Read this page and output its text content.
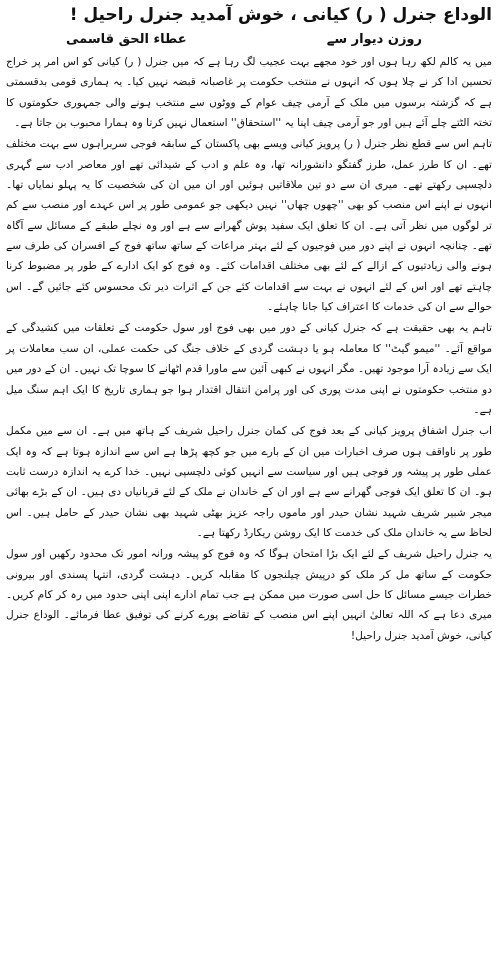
الوداع جنرل ( ر) کیانی ، خوش آمدید جنرل راحیل !
روزن دیوار سے
عطاء الحق قاسمی

میں یہ کالم لکھ رہا ہوں اور خود مجھے بہت عجیب لگ رہا ہے کہ میں جنرل ( ر) کیانی کو اس امر پر خراج تحسین ادا کر نے چلا ہوں کہ انہوں نے منتخب حکومت پر غاصبانہ قبضہ نہیں کیا۔ یہ ہماری قومی بدقسمتی ہے کہ گزشتہ برسوں میں ملک کے آرمی چیف عوام کے ووٹوں سے منتخب ہونے والی جمہوری حکومتوں کا تختہ الٹتے چلے آئے ہیں اور جو آرمی چیف اپنا یہ ''استحقاق'' استعمال نہیں کرتا وہ ہمارا محبوب بن جاتا ہے۔

تاہم اس سے قطع نظر جنرل ( ر) پرویز کیانی ویسے بھی پاکستان کے سابقہ فوجی سربراہوں سے بہت مختلف تھے۔ ان کا طرز عمل، طرز گفتگو دانشورانہ تھا، وہ علم و ادب کے شیدائی تھے اور معاصر ادب سے گہری دلچسپی رکھتے تھے۔ میری ان سے دو تین ملاقاتیں ہوئیں اور ان میں ان کی شخصیت کا یہ پہلو نمایاں تھا۔ انہوں نے اپنے اس منصب کو بھی ''چھوں چھاں'' نہیں دیکھی جو عمومی طور پر اس عہدے اور منصب سے کم تر لوگوں میں نظر آتی ہے۔ ان کا تعلق ایک سفید پوش گھرانے سے ہے اور وہ نچلے طبقے کے مسائل سے آگاہ تھے۔ چنانچہ انہوں نے اپنے دور میں فوجیوں کے لئے بہتر مراعات کے ساتھ ساتھ فوج کے افسران کی طرف سے ہونے والی زیادتیوں کے ازالے کے لئے بھی مختلف اقدامات کئے۔ وہ فوج کو ایک ادارے کے طور پر مضبوط کرنا چاہتے تھے اور اس کے لئے انہوں نے بہت سے اقدامات کئے جن کے اثرات دیر تک محسوس کئے جائیں گے۔ اس حوالے سے ان کی خدمات کا اعتراف کیا جانا چاہئے۔

تاہم یہ بھی حقیقت ہے کہ جنرل کیانی کے دور میں بھی فوج اور سول حکومت کے تعلقات میں کشیدگی کے مواقع آئے۔ ''میمو گیٹ'' کا معاملہ ہو یا دہشت گردی کے خلاف جنگ کی حکمت عملی، ان سب معاملات پر ایک سے زیادہ آرا موجود تھیں۔ مگر انہوں نے کبھی آئین سے ماورا قدم اٹھانے کا سوچا تک نہیں۔ ان کے دور میں دو منتخب حکومتوں نے اپنی مدت پوری کی اور پرامن انتقال اقتدار ہوا جو ہماری تاریخ کا ایک اہم سنگ میل ہے۔

اب جنرل اشفاق پرویز کیانی کے بعد فوج کی کمان جنرل راحیل شریف کے ہاتھ میں ہے۔ ان سے میں مکمل طور پر ناواقف ہوں صرف اخبارات میں ان کے بارے میں جو کچھ پڑھا ہے اس سے اندازہ ہوتا ہے کہ وہ ایک عملی طور پر پیشہ ور فوجی ہیں اور سیاست سے انہیں کوئی دلچسپی نہیں۔ خدا کرے یہ اندازہ درست ثابت ہو۔ ان کا تعلق ایک فوجی گھرانے سے ہے اور ان کے خاندان نے ملک کے لئے قربانیاں دی ہیں۔ ان کے بڑے بھائی میجر شبیر شریف شہید نشان حیدر اور ماموں راجہ عزیز بھٹی شہید بھی نشان حیدر کے حامل ہیں۔ اس لحاظ سے یہ خاندان ملک کی خدمت کا ایک روشن ریکارڈ رکھتا ہے۔

یہ جنرل راحیل شریف کے لئے ایک بڑا امتحان ہوگا کہ وہ فوج کو پیشہ ورانہ امور تک محدود رکھیں اور سول حکومت کے ساتھ مل کر ملک کو درپیش چیلنجوں کا مقابلہ کریں۔ دہشت گردی، انتہا پسندی اور بیرونی خطرات جیسے مسائل کا حل اسی صورت میں ممکن ہے جب تمام ادارے اپنی اپنی حدود میں رہ کر کام کریں۔ میری دعا ہے کہ اللہ تعالیٰ انہیں اپنے اس منصب کے تقاضے پورے کرنے کی توفیق عطا فرمائے۔ الوداع جنرل کیانی، خوش آمدید جنرل راحیل!
